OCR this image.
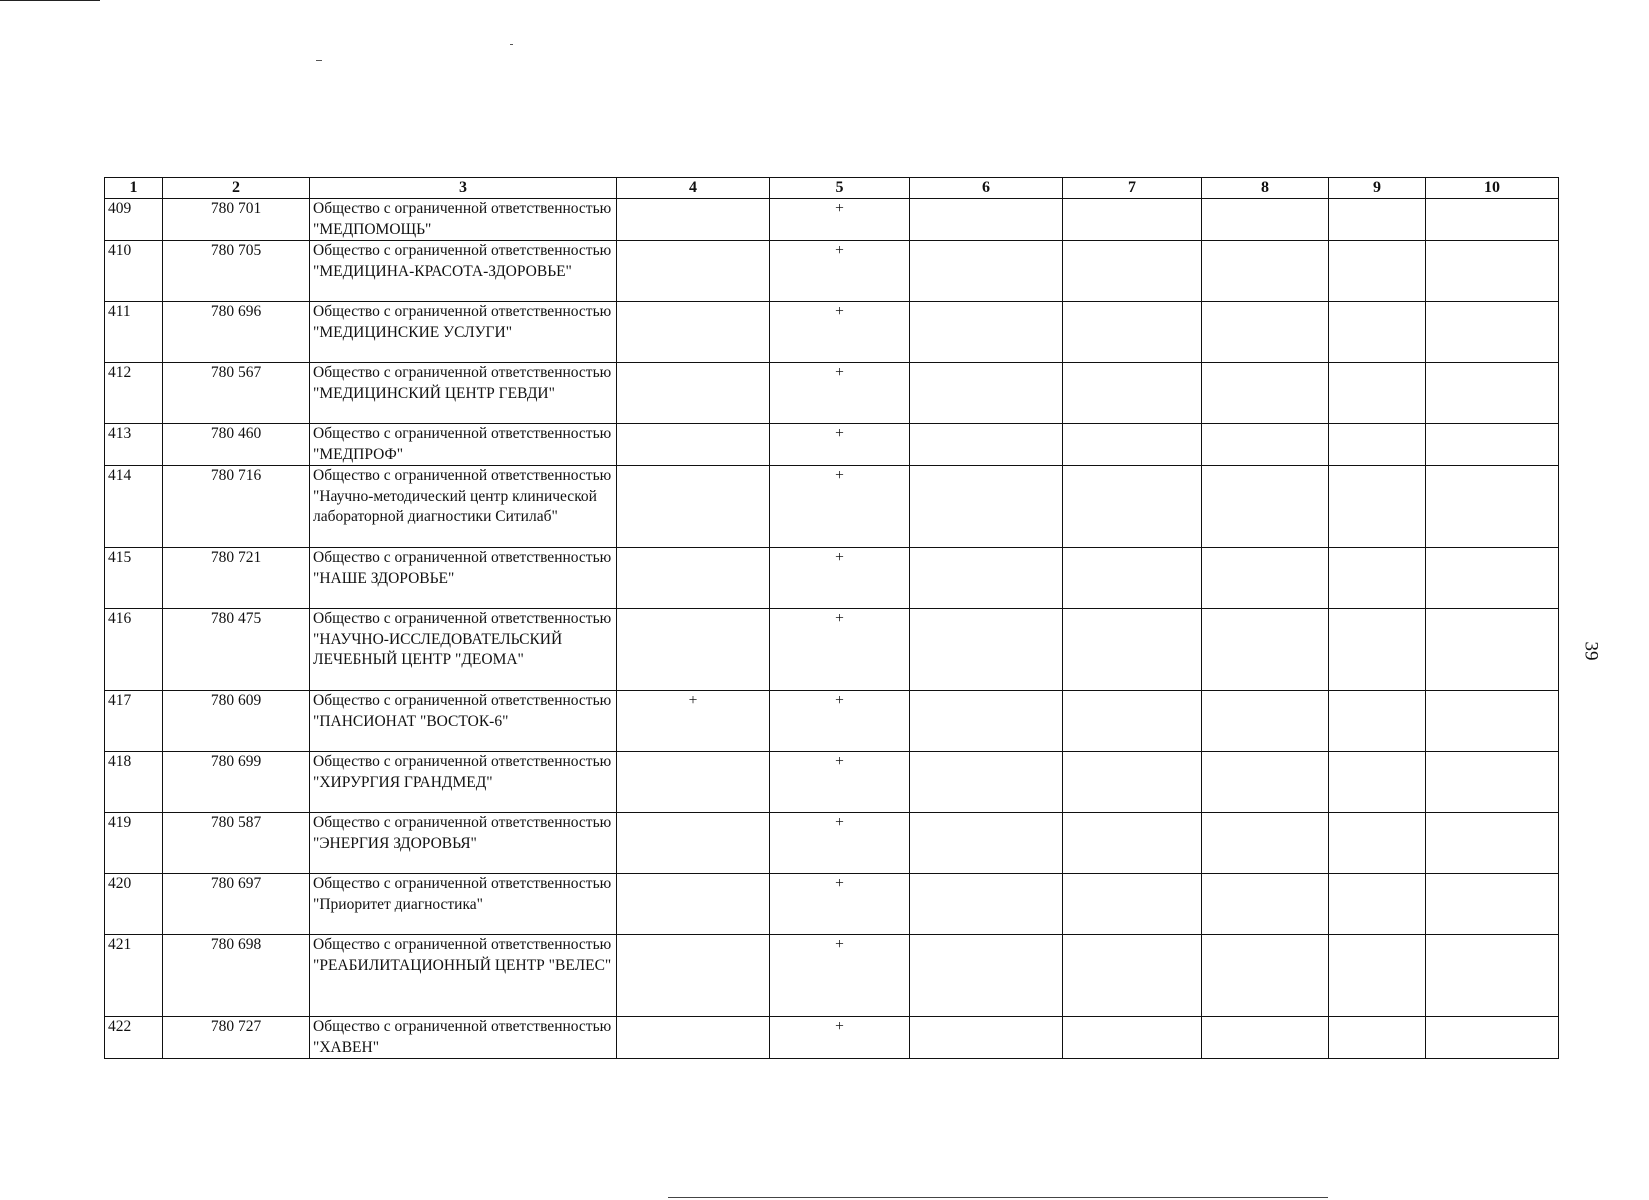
1	2	3	4	5	6	7	8	9	10
409	780 701	Общество с ограниченной ответственностью "МЕДПОМОЩЬ"		+					
410	780 705	Общество с ограниченной ответственностью "МЕДИЦИНА-КРАСОТА-ЗДОРОВЬЕ"		+					
411	780 696	Общество с ограниченной ответственностью "МЕДИЦИНСКИЕ УСЛУГИ"		+					
412	780 567	Общество с ограниченной ответственностью "МЕДИЦИНСКИЙ ЦЕНТР ГЕВДИ"		+					
413	780 460	Общество с ограниченной ответственностью "МЕДПРОФ"		+					
414	780 716	Общество с ограниченной ответственностью "Научно-методический центр клинической лабораторной диагностики Ситилаб"		+					
415	780 721	Общество с ограниченной ответственностью "НАШЕ ЗДОРОВЬЕ"		+					
416	780 475	Общество с ограниченной ответственностью "НАУЧНО-ИССЛЕДОВАТЕЛЬСКИЙ ЛЕЧЕБНЫЙ ЦЕНТР "ДЕОМА"		+					
417	780 609	Общество с ограниченной ответственностью "ПАНСИОНАТ "ВОСТОК-6"	+	+					
418	780 699	Общество с ограниченной ответственностью "ХИРУРГИЯ ГРАНДМЕД"		+					
419	780 587	Общество с ограниченной ответственностью "ЭНЕРГИЯ ЗДОРОВЬЯ"		+					
420	780 697	Общество с ограниченной ответственностью "Приоритет диагностика"		+					
421	780 698	Общество с ограниченной ответственностью "РЕАБИЛИТАЦИОННЫЙ ЦЕНТР "ВЕЛЕС"		+					
422	780 727	Общество с ограниченной ответственностью "ХАВЕН"		+					
39
